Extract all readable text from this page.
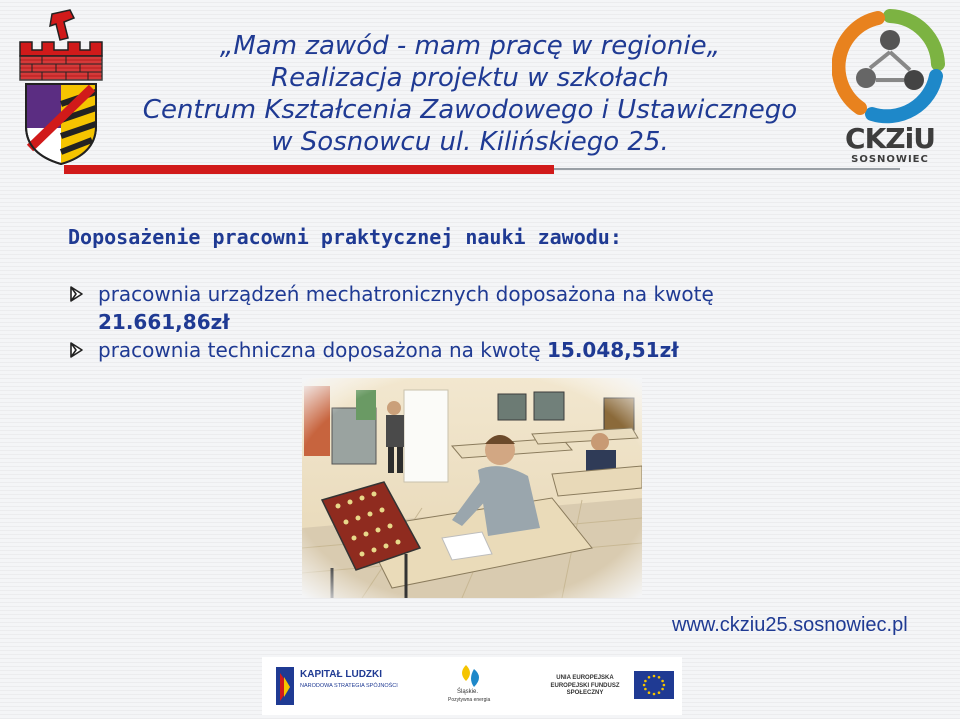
„Mam zawód - mam pracę w regionie„
Realizacja projektu w szkołach
Centrum Kształcenia Zawodowego i Ustawicznego
w Sosnowcu ul. Kilińskiego 25.	CKZiU
SOSNOWIEC
Doposażenie pracowni praktycznej nauki zawodu:
pracownia urządzeń mechatronicznych doposażona na kwotę
21.661,86zł
pracownia techniczna doposażona na kwotę 15.048,51zł
www.ckziu25.sosnowiec.pl
KAPITAŁ LUDZKI
NARODOWA STRATEGIA SPÓJNOŚCI
Śląskie.
Pozytywna energia
UNIA EUROPEJSKA EUROPEJSKI FUNDUSZ SPOŁECZNY
